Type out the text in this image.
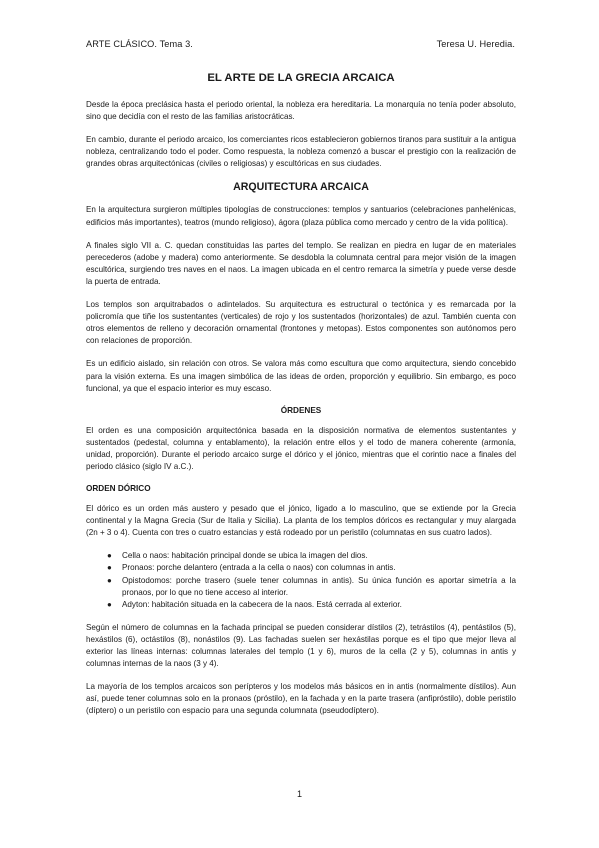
ARTE CLÁSICO. Tema 3.	Teresa U. Heredia.
EL ARTE DE LA GRECIA ARCAICA

Desde la época preclásica hasta el periodo oriental, la nobleza era hereditaria. La monarquía no tenía poder absoluto, sino que decidía con el resto de las familias aristocráticas.

En cambio, durante el periodo arcaico, los comerciantes ricos establecieron gobiernos tiranos para sustituir a la antigua nobleza, centralizando todo el poder. Como respuesta, la nobleza comenzó a buscar el prestigio con la realización de grandes obras arquitectónicas (civiles o religiosas) y escultóricas en sus ciudades.

ARQUITECTURA ARCAICA

En la arquitectura surgieron múltiples tipologías de construcciones: templos y santuarios (celebraciones panhelénicas, edificios más importantes), teatros (mundo religioso), ágora (plaza pública como mercado y centro de la vida política).

A finales siglo VII a. C. quedan constituidas las partes del templo. Se realizan en piedra en lugar de en materiales perecederos (adobe y madera) como anteriormente. Se desdobla la columnata central para mejor visión de la imagen escultórica, surgiendo tres naves en el naos. La imagen ubicada en el centro remarca la simetría y puede verse desde la puerta de entrada.

Los templos son arquitrabados o adintelados. Su arquitectura es estructural o tectónica y es remarcada por la policromía que tiñe los sustentantes (verticales) de rojo y los sustentados (horizontales) de azul. También cuenta con otros elementos de relleno y decoración ornamental (frontones y metopas). Estos componentes son autónomos pero con relaciones de proporción.

Es un edificio aislado, sin relación con otros. Se valora más como escultura que como arquitectura, siendo concebido para la visión externa. Es una imagen simbólica de las ideas de orden, proporción y equilibrio. Sin embargo, es poco funcional, ya que el espacio interior es muy escaso.

ÓRDENES

El orden es una composición arquitectónica basada en la disposición normativa de elementos sustentantes y sustentados (pedestal, columna y entablamento), la relación entre ellos y el todo de manera coherente (armonía, unidad, proporción). Durante el periodo arcaico surge el dórico y el jónico, mientras que el corintio nace a finales del periodo clásico (siglo IV a.C.).

ORDEN DÓRICO

El dórico es un orden más austero y pesado que el jónico, ligado a lo masculino, que se extiende por la Grecia continental y la Magna Grecia (Sur de Italia y Sicilia). La planta de los templos dóricos es rectangular y muy alargada (2n + 3 o 4). Cuenta con tres o cuatro estancias y está rodeado por un peristilo (columnatas en sus cuatro lados).

● Cella o naos: habitación principal donde se ubica la imagen del dios.
● Pronaos: porche delantero (entrada a la cella o naos) con columnas in antis.
● Opistodomos: porche trasero (suele tener columnas in antis). Su única función es aportar simetría a la pronaos, por lo que no tiene acceso al interior.
● Adyton: habitación situada en la cabecera de la naos. Está cerrada al exterior.

Según el número de columnas en la fachada principal se pueden considerar dístilos (2), tetrástilos (4), pentástilos (5), hexástilos (6), octástilos (8), nonástilos (9). Las fachadas suelen ser hexástilas porque es el tipo que mejor lleva al exterior las líneas internas: columnas laterales del templo (1 y 6), muros de la cella (2 y 5), columnas in antis y columnas internas de la naos (3 y 4).

La mayoría de los templos arcaicos son perípteros y los modelos más básicos en in antis (normalmente dístilos). Aun así, puede tener columnas solo en la pronaos (próstilo), en la fachada y en la parte trasera (anfipróstilo), doble peristilo (díptero) o un peristilo con espacio para una segunda columnata (pseudodíptero).

1
